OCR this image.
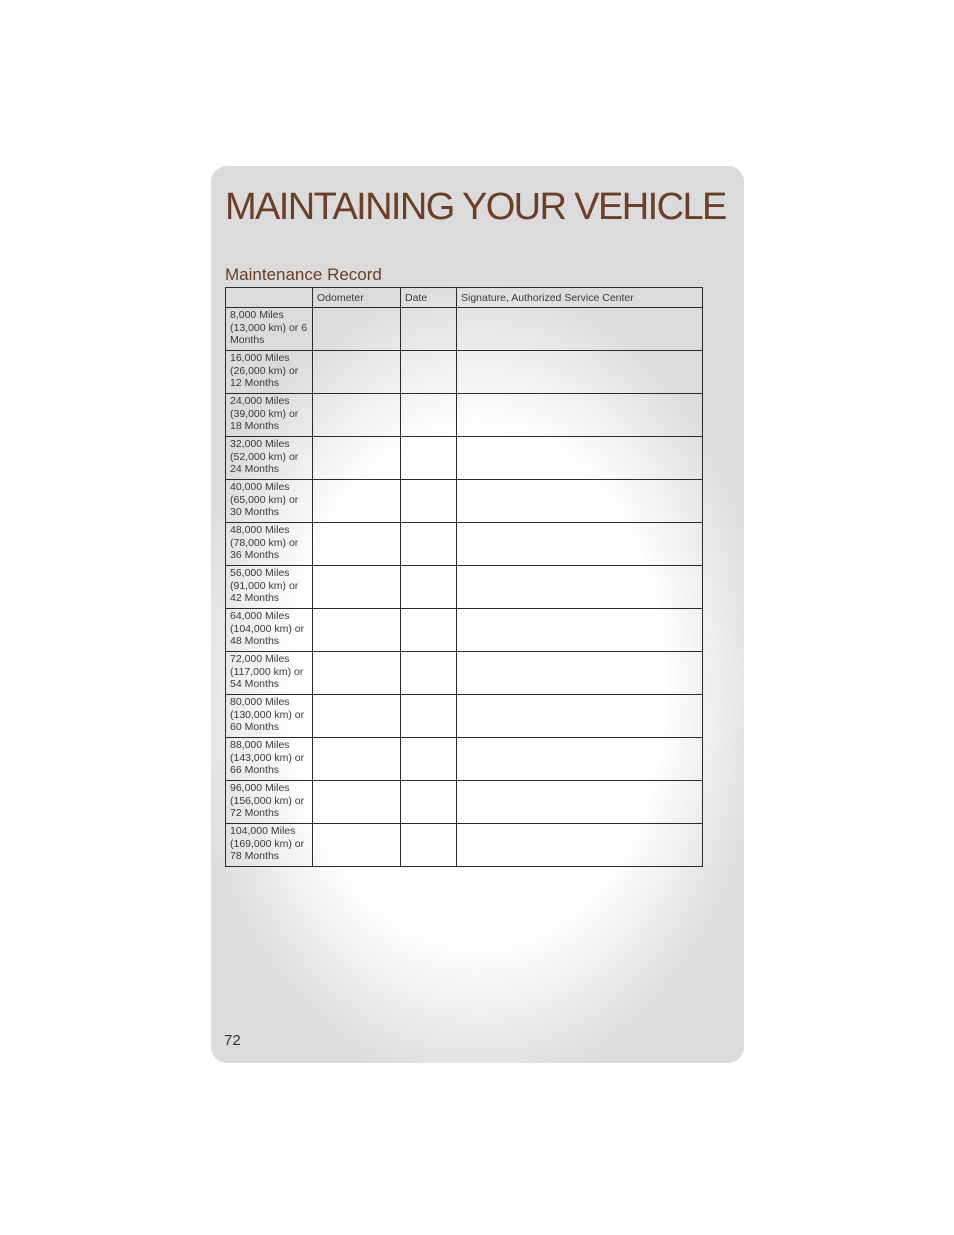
MAINTAINING YOUR VEHICLE
Maintenance Record
	Odometer	Date	Signature, Authorized Service Center
8,000 Miles (13,000 km) or 6 Months			
16,000 Miles (26,000 km) or 12 Months			
24,000 Miles (39,000 km) or 18 Months			
32,000 Miles (52,000 km) or 24 Months			
40,000 Miles (65,000 km) or 30 Months			
48,000 Miles (78,000 km) or 36 Months			
56,000 Miles (91,000 km) or 42 Months			
64,000 Miles (104,000 km) or 48 Months			
72,000 Miles (117,000 km) or 54 Months			
80,000 Miles (130,000 km) or 60 Months			
88,000 Miles (143,000 km) or 66 Months			
96,000 Miles (156,000 km) or 72 Months			
104,000 Miles (169,000 km) or 78 Months			
72
